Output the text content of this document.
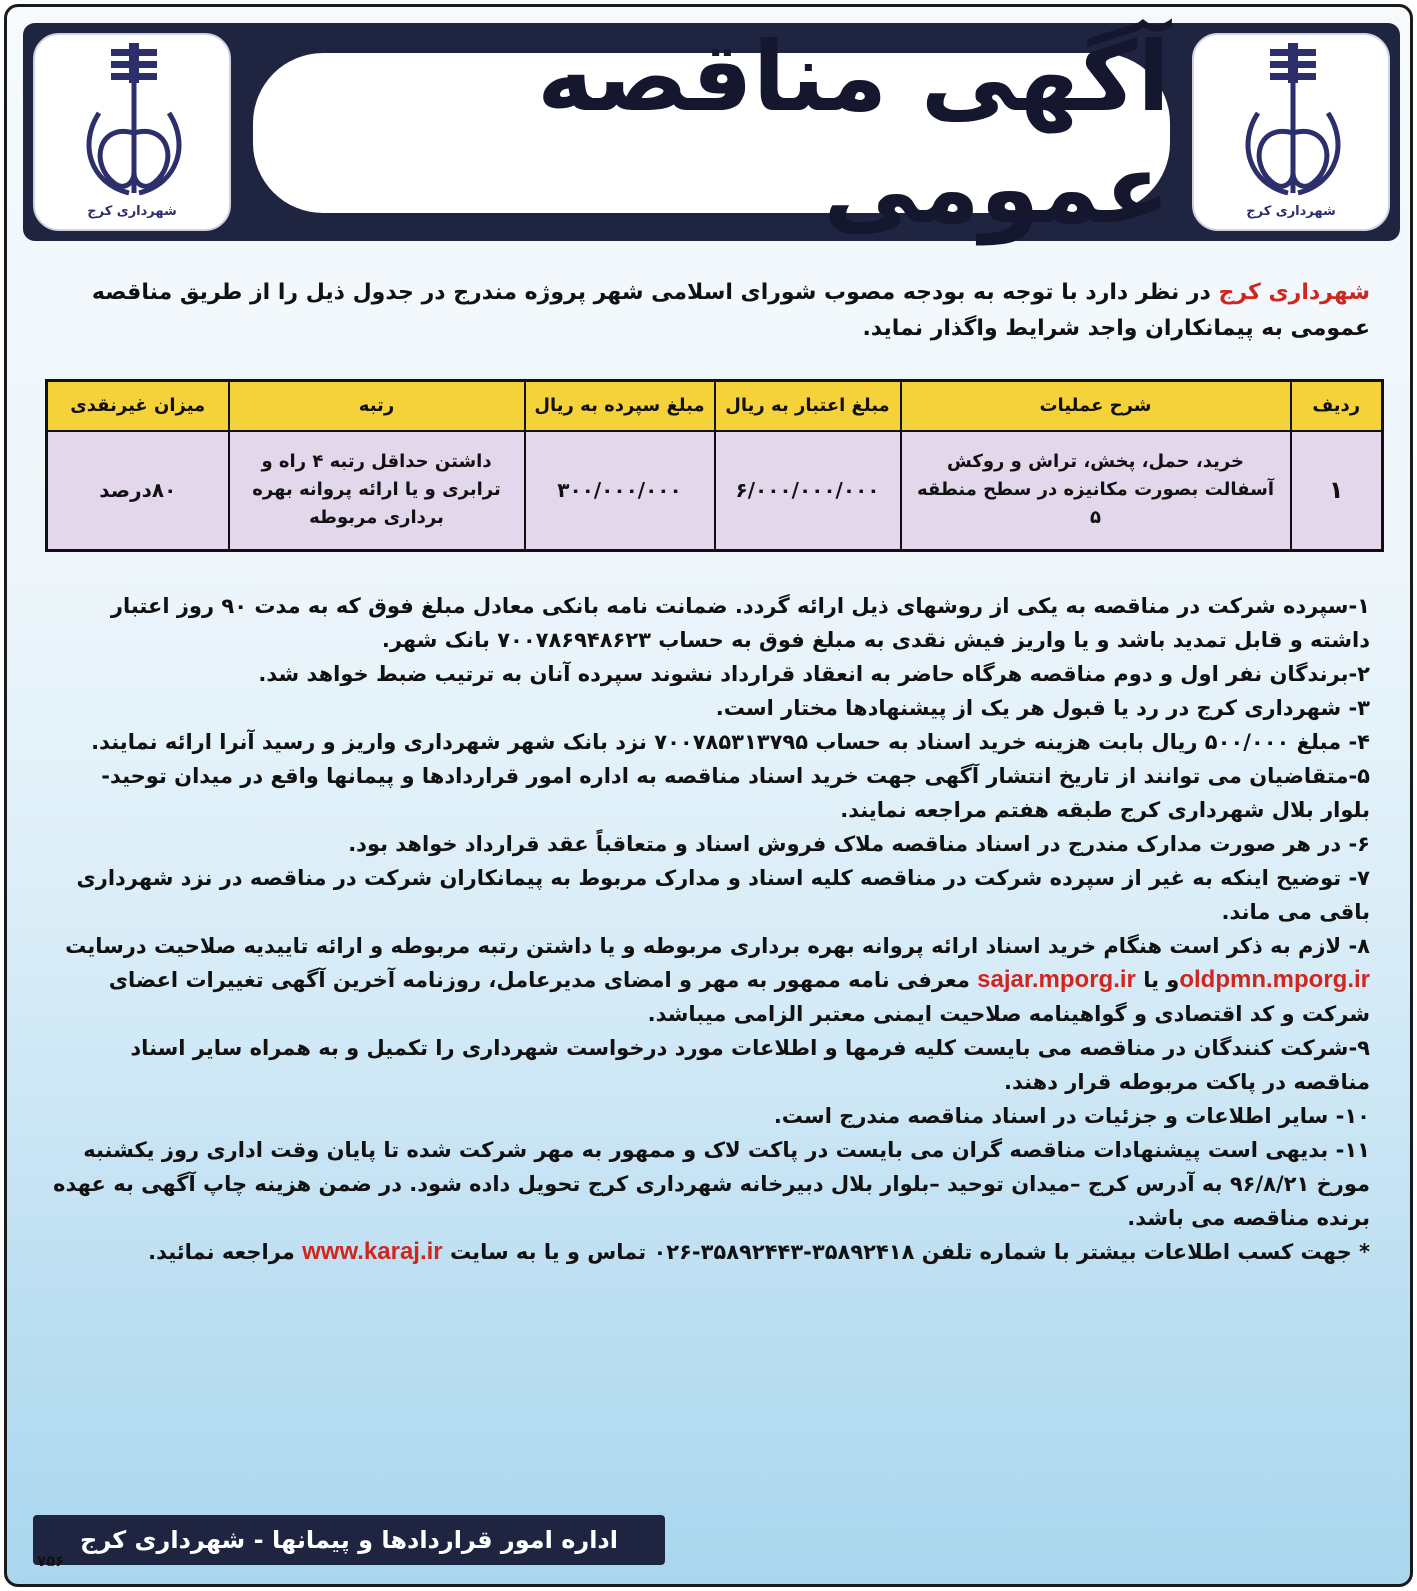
شهرداری کرج
آگهی مناقصه عمومی
شهرداری کرج
شهرداری کرج در نظر دارد با توجه به بودجه مصوب شورای اسلامی شهر پروژه مندرج در جدول ذیل را از طریق مناقصه عمومی به پیمانکاران واجد شرایط واگذار نماید.
ردیف	شرح عملیات	مبلغ اعتبار به ریال	مبلغ سپرده به ریال	رتبه	میزان غیرنقدی
۱	خرید، حمل، پخش، تراش و روکش آسفالت بصورت مکانیزه در سطح منطقه ۵	۶/۰۰۰/۰۰۰/۰۰۰	۳۰۰/۰۰۰/۰۰۰	داشتن حداقل رتبه ۴ راه و ترابری و یا ارائه پروانه بهره برداری مربوطه	۸۰درصد

۱-سپرده شرکت در مناقصه به یکی از روشهای ذیل ارائه گردد. ضمانت نامه بانکی معادل مبلغ فوق که به مدت ۹۰ روز اعتبار داشته و قابل تمدید باشد و یا واریز فیش نقدی به مبلغ فوق به حساب ۷۰۰۷۸۶۹۴۸۶۲۳ بانک شهر.

۲-برندگان نفر اول و دوم مناقصه هرگاه حاضر به انعقاد قرارداد نشوند سپرده آنان به ترتیب ضبط خواهد شد.

۳- شهرداری کرج در رد یا قبول هر یک از پیشنهادها مختار است.

۴- مبلغ ۵۰۰/۰۰۰ ریال بابت هزینه خرید اسناد به حساب ۷۰۰۷۸۵۳۱۳۷۹۵ نزد بانک شهر شهرداری واریز و رسید آنرا ارائه نمایند.

۵-متقاضیان می توانند از تاریخ انتشار آگهی جهت خرید اسناد مناقصه به اداره امور قراردادها و پیمانها واقع در میدان توحید- بلوار بلال شهرداری کرج طبقه هفتم مراجعه نمایند.

۶- در هر صورت مدارک مندرج در اسناد مناقصه ملاک فروش اسناد و متعاقباً عقد قرارداد خواهد بود.

۷- توضیح اینکه به غیر از سپرده شرکت در مناقصه کلیه اسناد و مدارک مربوط به پیمانکاران شرکت در مناقصه در نزد شهرداری باقی می ماند.

۸- لازم به ذکر است هنگام خرید اسناد ارائه پروانه بهره برداری مربوطه و یا داشتن رتبه مربوطه و ارائه تاییدیه صلاحیت درسایت oldpmn.mporg.irو یا sajar.mporg.ir معرفی نامه ممهور به مهر و امضای مدیرعامل، روزنامه آخرین آگهی تغییرات اعضای شرکت و کد اقتصادی و گواهینامه صلاحیت ایمنی معتبر الزامی میباشد.

۹-شرکت کنندگان در مناقصه می بایست کلیه فرمها و اطلاعات مورد درخواست شهرداری را تکمیل و به همراه سایر اسناد مناقصه در پاکت مربوطه قرار دهند.

۱۰- سایر اطلاعات و جزئیات در اسناد مناقصه مندرج است.

۱۱- بدیهی است پیشنهادات مناقصه گران می بایست در پاکت لاک و ممهور به مهر شرکت شده تا پایان وقت اداری روز یکشنبه مورخ ۹۶/۸/۲۱ به آدرس کرج –میدان توحید –بلوار بلال دبیرخانه شهرداری کرج تحویل داده شود. در ضمن هزینه چاپ آگهی به عهده برنده مناقصه می باشد.

* جهت کسب اطلاعات بیشتر با شماره تلفن ۳۵۸۹۲۴۱۸-۳۵۸۹۲۴۴۳-۰۲۶ تماس و یا به سایت www.karaj.ir مراجعه نمائید.

اداره امور قراردادها و پیمانها - شهرداری کرج
۷۵۶
